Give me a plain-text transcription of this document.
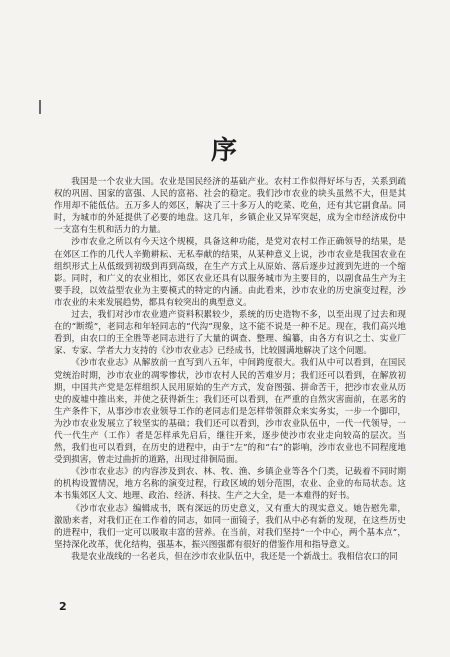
序

我国是一个农业大国。农业是国民经济的基础产业。农村工作似得好坏与否，关系到疏权的巩固、国家的富强、人民的富裕、社会的稳定。我们沙市农业的块头虽然不大，但是其作用却不能低估。五万多人的郊区，解决了三十多万人的吃菜、吃鱼，还有其它副食品。同时，为城市的外延提供了必要的地盘。这几年，乡镇企业又异军突起，成为全市经济成份中一支富有生机和活力的力量。

沙市农业之所以有今天这个规模，具备这种功能，是党对农村工作正确领导的结果，是在郊区工作的几代人辛勤耕耘、无私奉献的结果，从某种意义上说，沙市农业是我国农业在组织形式上从低级到初级到再到高级，在生产方式上从原始、落后逐步过渡到先进的一个缩影。同时，和广义的农业相比，郊区农业还具有以服务城市为主要目的，以副食品生产为主要手段，以效益型农业为主要模式的特定的内涵。由此看来，沙市农业的历史演变过程，沙市农业的未来发展趋势，都具有较突出的典型意义。

过去，我们对沙市农业遗产资料积累较少，系统的历史造物不多，以至出现了过去和现在的“断缆”，老同志和年轻同志的“代沟”现象，这不能不说是一种不足。现在，我们高兴地看到，由农口的王全胜等老同志进行了大量的调查、整理、编纂，由各方有识之士、实业厂家、专家、学者大力支持的《沙市农业志》已经成书，比较圆满地解决了这个问题。

《沙市农业志》从解放前一直写到八五年，中间跨度很大。我们从中可以看到，在国民党统治时期，沙市农业的凋零惨状，沙市农村人民的苦难岁月；我们还可以看到，在解放初期，中国共产党是怎样组织人民用原始的生产方式，发奋图强、拼命苦干，把沙市农业从历史的废墟中推出来，并使之获得新生；我们还可以看到，在严重的自然灾害面前，在恶劣的生产条件下，从事沙市农业领导工作的老同志们是怎样带领群众来实务实，一步一个脚印，为沙市农业发展立了较坚实的基础；我们还可以看到，沙市农业队伍中，一代一代领导，一代一代生产（工作）者是怎样承先启后，继往开来，逐步使沙市农业走向较高的层次。当然，我们也可以看到，在历史的进程中，由于“左”的和“右”的影响，沙市农业也不同程度地受到损害，曾走过曲折的道路，出现过徘徊局面。

《沙市农业志》的内容涉及到农、林、牧、渔、乡镇企业等各个门类，记载着不同时期的机构设置情况，地方名称的演变过程，行政区域的划分范围，农业、企业的布局状态。这本书集郊区人文、地理、政治、经济、科技、生产之大全，是一本难得的好书。

《沙市农业志》编辑成书，既有深远的历史意义，又有重大的现实意义。她告慰先辈，激励来者，对我们正在工作着的同志，如同一面镜子，我们从中必有新的发现，在这些历史的进程中，我们一定可以吸取丰富的营养。在当前，对我们坚持“一个中心，两个基本点”，坚持深化改革，优化结构，强基本，振兴图强都有很好的借鉴作用和指导意义。

我是农业战线的一名老兵，但在沙市农业队伍中，我还是一个新战士。我相信农口的同

2
